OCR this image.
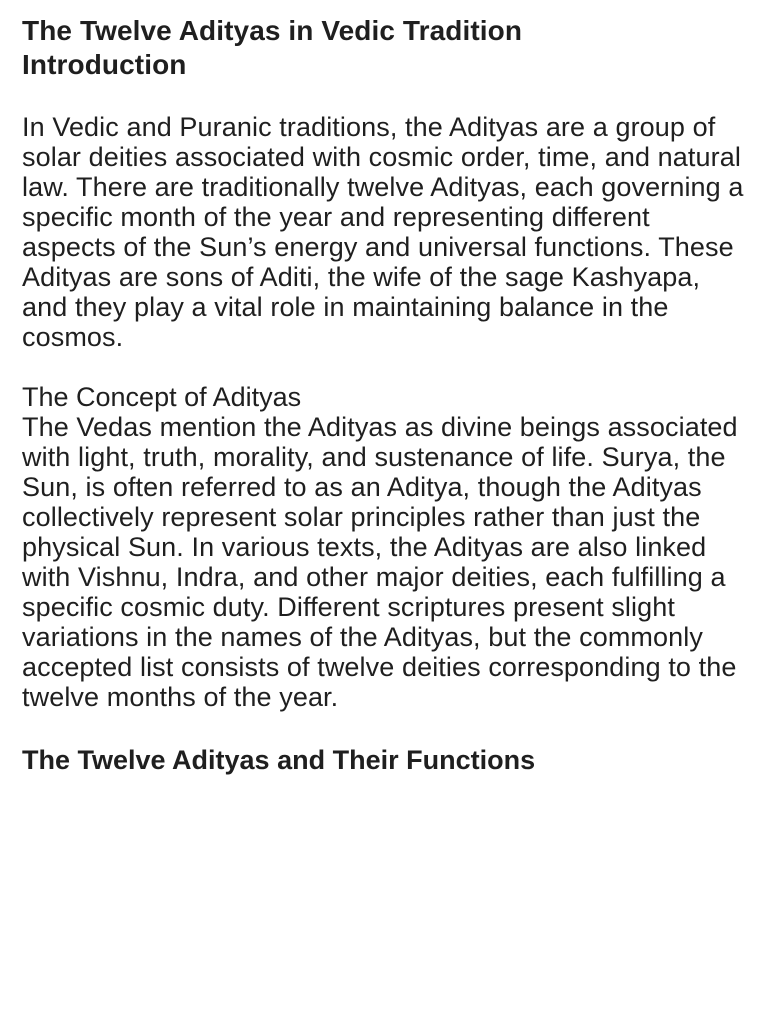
The Twelve Adityas in Vedic Tradition
Introduction

In Vedic and Puranic traditions, the Adityas are a group of solar deities associated with cosmic order, time, and natural law. There are traditionally twelve Adityas, each governing a specific month of the year and representing different aspects of the Sun’s energy and universal functions. These Adityas are sons of Aditi, the wife of the sage Kashyapa, and they play a vital role in maintaining balance in the cosmos.

The Concept of Adityas

The Vedas mention the Adityas as divine beings associated with light, truth, morality, and sustenance of life. Surya, the Sun, is often referred to as an Aditya, though the Adityas collectively represent solar principles rather than just the physical Sun. In various texts, the Adityas are also linked with Vishnu, Indra, and other major deities, each fulfilling a specific cosmic duty. Different scriptures present slight variations in the names of the Adityas, but the commonly accepted list consists of twelve deities corresponding to the twelve months of the year.

The Twelve Adityas and Their Functions
